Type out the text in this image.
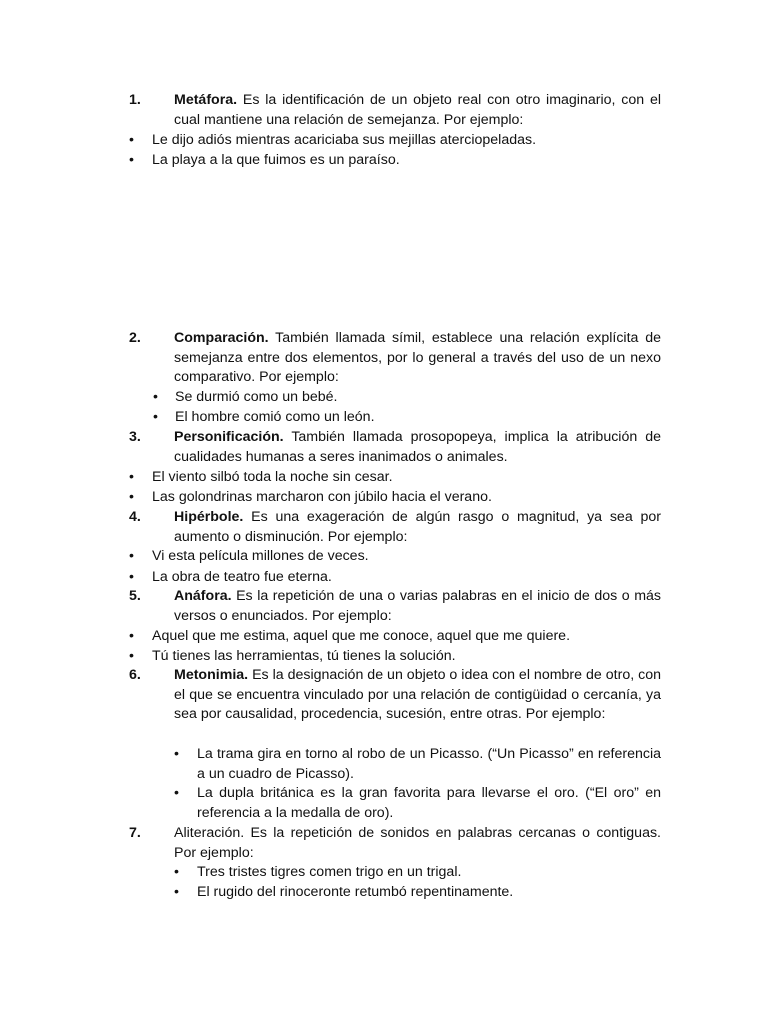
1. Metáfora. Es la identificación de un objeto real con otro imaginario, con el cual mantiene una relación de semejanza. Por ejemplo:
• Le dijo adiós mientras acariciaba sus mejillas aterciopeladas.
• La playa a la que fuimos es un paraíso.
2. Comparación. También llamada símil, establece una relación explícita de semejanza entre dos elementos, por lo general a través del uso de un nexo comparativo. Por ejemplo:
• Se durmió como un bebé.
• El hombre comió como un león.
3. Personificación. También llamada prosopopeya, implica la atribución de cualidades humanas a seres inanimados o animales.
• El viento silbó toda la noche sin cesar.
• Las golondrinas marcharon con júbilo hacia el verano.
4. Hipérbole. Es una exageración de algún rasgo o magnitud, ya sea por aumento o disminución. Por ejemplo:
• Vi esta película millones de veces.
• La obra de teatro fue eterna.
5. Anáfora. Es la repetición de una o varias palabras en el inicio de dos o más versos o enunciados. Por ejemplo:
• Aquel que me estima, aquel que me conoce, aquel que me quiere.
• Tú tienes las herramientas, tú tienes la solución.
6. Metonimia. Es la designación de un objeto o idea con el nombre de otro, con el que se encuentra vinculado por una relación de contigüidad o cercanía, ya sea por causalidad, procedencia, sucesión, entre otras. Por ejemplo:
• La trama gira en torno al robo de un Picasso. (“Un Picasso” en referencia a un cuadro de Picasso).
• La dupla británica es la gran favorita para llevarse el oro. (“El oro” en referencia a la medalla de oro).
7. Aliteración. Es la repetición de sonidos en palabras cercanas o contiguas. Por ejemplo:
• Tres tristes tigres comen trigo en un trigal.
• El rugido del rinoceronte retumbó repentinamente.
